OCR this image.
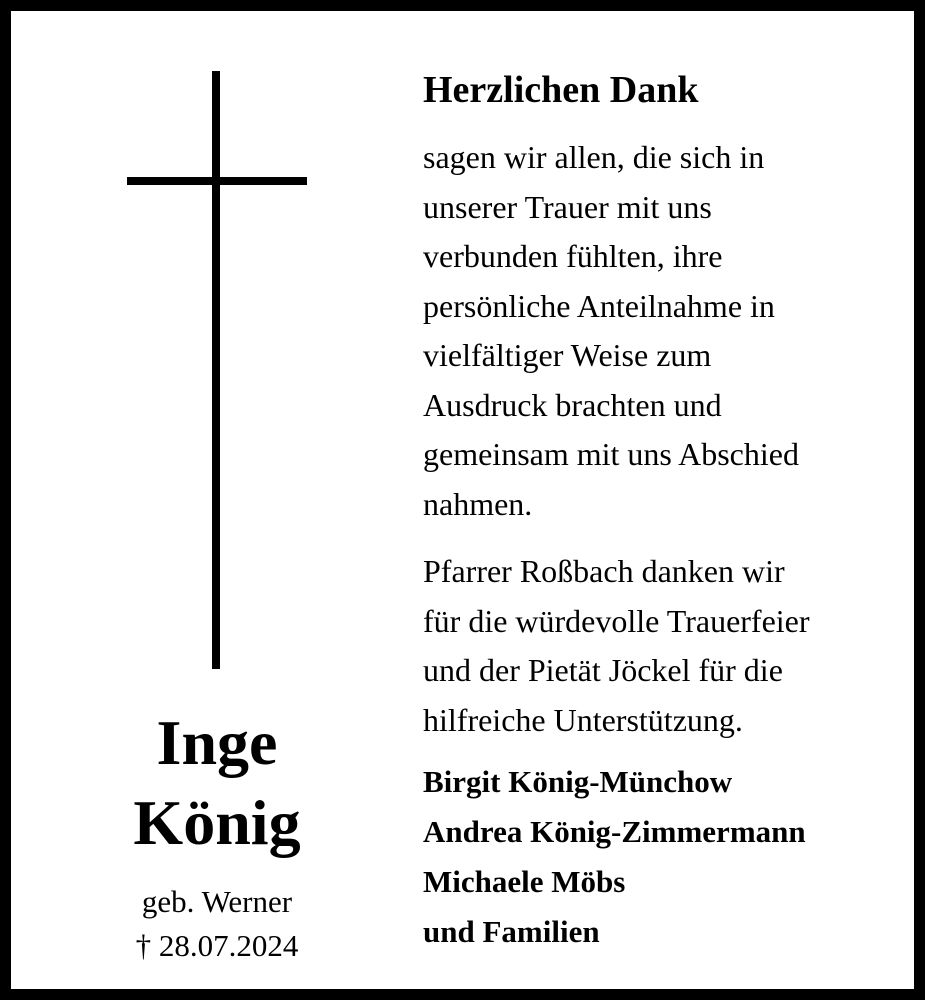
Inge
König
geb. Werner
† 28.07.2024
Herzlichen Dank

sagen wir allen, die sich in
unserer Trauer mit uns
verbunden fühlten, ihre
persönliche Anteilnahme in
vielfältiger Weise zum
Ausdruck brachten und
gemeinsam mit uns Abschied
nahmen.

Pfarrer Roßbach danken wir
für die würdevolle Trauerfeier
und der Pietät Jöckel für die
hilfreiche Unterstützung.

Birgit König-Münchow
Andrea König-Zimmermann
Michaele Möbs
und Familien
